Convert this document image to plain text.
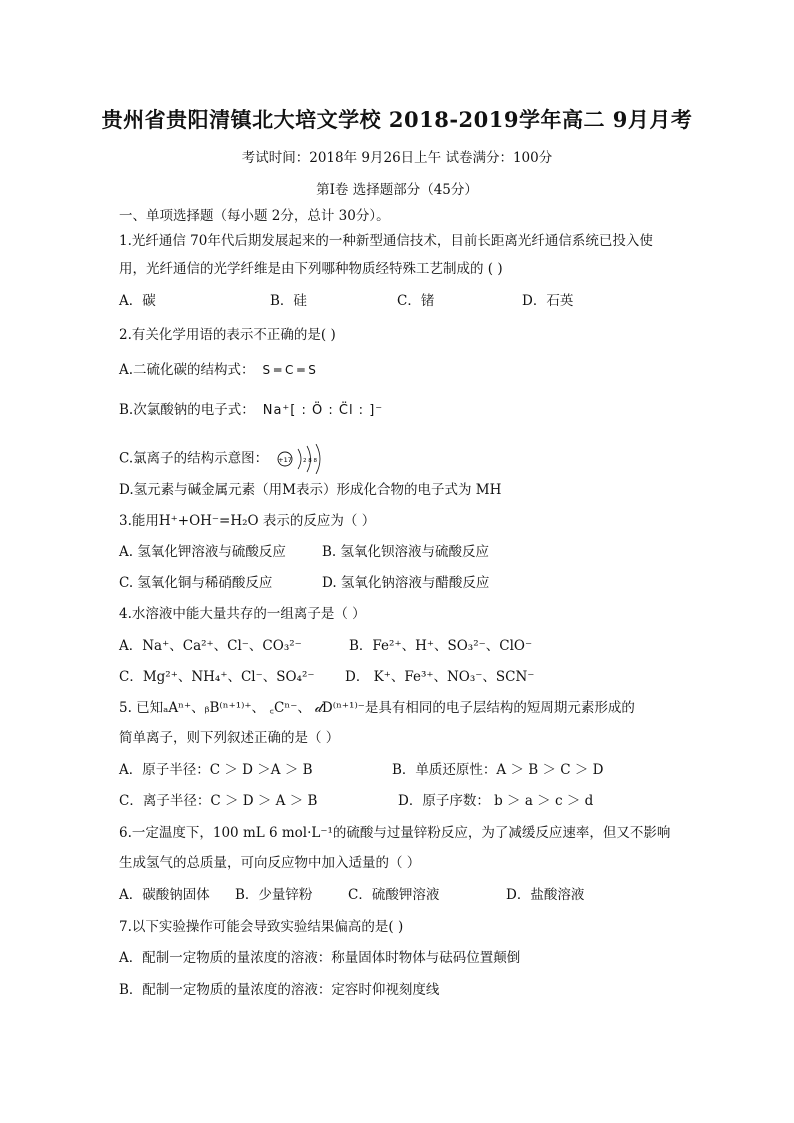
贵州省贵阳清镇北大培文学校 2018-2019学年高二 9月月考
考试时间：2018年 9月26日上午 试卷满分：100分
第Ⅰ卷 选择题部分（45分）
一、单项选择题（每小题 2分，总计 30分）。
1.光纤通信 70年代后期发展起来的一种新型通信技术，目前长距离光纤通信系统已投入使
用，光纤通信的光学纤维是由下列哪种物质经特殊工艺制成的 ( )
A．碳	B．硅	C．锗	D．石英
2.有关化学用语的表示不正确的是( )
A.二硫化碳的结构式： S ═ C ═ S
B.次氯酸钠的电子式： Na⁺[ : Ö : C̈l : ]⁻
C.氯离子的结构示意图： +17 2 8 8
D.氢元素与碱金属元素（用M表示）形成化合物的电子式为 MH
3.能用H⁺+OH⁻=H₂O 表示的反应为（ ）
A. 氢氧化钾溶液与硫酸反应	B. 氢氧化钡溶液与硫酸反应
C. 氢氧化铜与稀硝酸反应	D. 氢氧化钠溶液与醋酸反应
4.水溶液中能大量共存的一组离子是（ ）
A．Na⁺、Ca²⁺、Cl⁻、CO₃²⁻	B．Fe²⁺、H⁺、SO₃²⁻、ClO⁻
C．Mg²⁺、NH₄⁺、Cl⁻、SO₄²⁻ D． K⁺、Fe³⁺、NO₃⁻、SCN⁻
5. 已知ₐAⁿ⁺、ᵦB⁽ⁿ⁺¹⁾⁺、 ꜀Cⁿ⁻、 𝒹D⁽ⁿ⁺¹⁾⁻是具有相同的电子层结构的短周期元素形成的
简单离子，则下列叙述正确的是（ ）
A．原子半径：C ＞ D ＞A ＞ B	B．单质还原性：A ＞ B ＞ C ＞ D
C．离子半径：C ＞ D ＞ A ＞ B	D．原子序数： b ＞ a ＞ c ＞ d
6.一定温度下，100 mL 6 mol·L⁻¹的硫酸与过量锌粉反应，为了减缓反应速率，但又不影响
生成氢气的总质量，可向反应物中加入适量的（ ）
A．碳酸钠固体 B．少量锌粉	C．硫酸钾溶液	D．盐酸溶液
7.以下实验操作可能会导致实验结果偏高的是( )
A．配制一定物质的量浓度的溶液：称量固体时物体与砝码位置颠倒
B．配制一定物质的量浓度的溶液：定容时仰视刻度线
